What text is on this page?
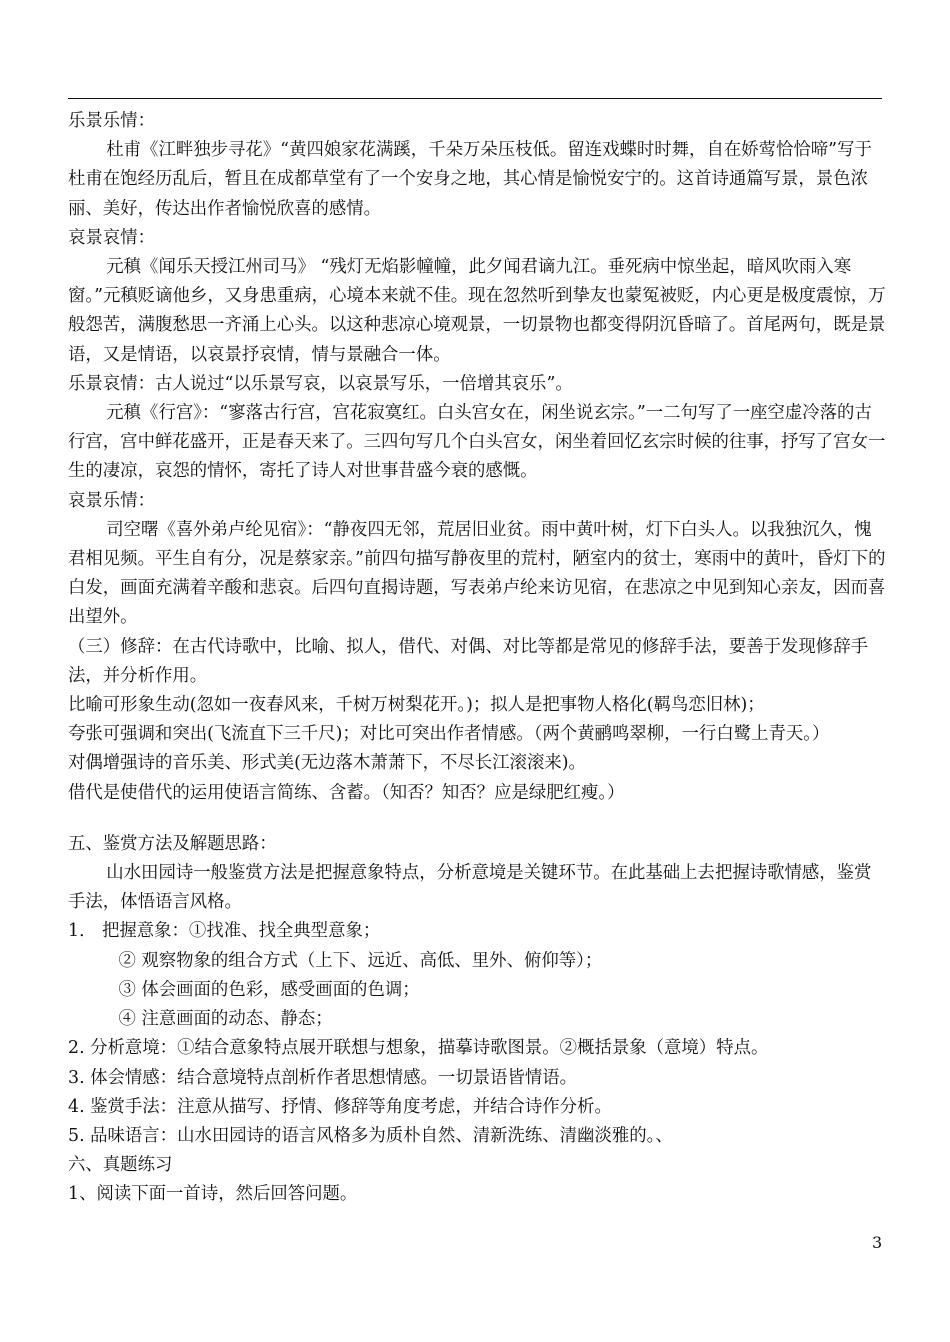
乐景乐情：

杜甫《江畔独步寻花》“黄四娘家花满蹊，千朵万朵压枝低。留连戏蝶时时舞，自在娇莺恰恰啼”写于杜甫在饱经历乱后，暂且在成都草堂有了一个安身之地，其心情是愉悦安宁的。这首诗通篇写景，景色浓丽、美好，传达出作者愉悦欣喜的感情。

哀景哀情：

元稹《闻乐天授江州司马》 “残灯无焰影幢幢，此夕闻君谪九江。垂死病中惊坐起，暗风吹雨入寒窗。”元稹贬谪他乡，又身患重病，心境本来就不佳。现在忽然听到挚友也蒙冤被贬，内心更是极度震惊，万般怨苦，满腹愁思一齐涌上心头。以这种悲凉心境观景，一切景物也都变得阴沉昏暗了。首尾两句，既是景语，又是情语，以哀景抒哀情，情与景融合一体。

乐景哀情：古人说过“以乐景写哀，以哀景写乐，一倍增其哀乐”。

元稹《行宫》：“寥落古行宫，宫花寂寞红。白头宫女在，闲坐说玄宗。”一二句写了一座空虚冷落的古行宫，宫中鲜花盛开，正是春天来了。三四句写几个白头宫女，闲坐着回忆玄宗时候的往事，抒写了宫女一生的凄凉，哀怨的情怀，寄托了诗人对世事昔盛今衰的感慨。

哀景乐情：

司空曙《喜外弟卢纶见宿》：“静夜四无邻，荒居旧业贫。雨中黄叶树，灯下白头人。以我独沉久，愧君相见频。平生自有分，况是蔡家亲。”前四句描写静夜里的荒村，陋室内的贫士，寒雨中的黄叶，昏灯下的白发，画面充满着辛酸和悲哀。后四句直揭诗题，写表弟卢纶来访见宿，在悲凉之中见到知心亲友，因而喜出望外。

（三）修辞：在古代诗歌中，比喻、拟人，借代、对偶、对比等都是常见的修辞手法，要善于发现修辞手法，并分析作用。

比喻可形象生动(忽如一夜春风来，千树万树梨花开。)；拟人是把事物人格化(羁鸟恋旧林)；

夸张可强调和突出(飞流直下三千尺)；对比可突出作者情感。（两个黄鹂鸣翠柳，一行白鹭上青天。）

对偶增强诗的音乐美、形式美(无边落木萧萧下，不尽长江滚滚来)。

借代是使借代的运用使语言简练、含蓄。（知否？知否？应是绿肥红瘦。）

五、鉴赏方法及解题思路：

山水田园诗一般鉴赏方法是把握意象特点，分析意境是关键环节。在此基础上去把握诗歌情感，鉴赏手法，体悟语言风格。

1． 把握意象：①找准、找全典型意象；

② 观察物象的组合方式（上下、远近、高低、里外、俯仰等）；

③ 体会画面的色彩，感受画面的色调；

④ 注意画面的动态、静态；

2. 分析意境：①结合意象特点展开联想与想象，描摹诗歌图景。②概括景象（意境）特点。

3. 体会情感：结合意境特点剖析作者思想情感。一切景语皆情语。

4. 鉴赏手法：注意从描写、抒情、修辞等角度考虑，并结合诗作分析。

5. 品味语言：山水田园诗的语言风格多为质朴自然、清新洗练、清幽淡雅的。、

六、真题练习

1、阅读下面一首诗，然后回答问题。

3
